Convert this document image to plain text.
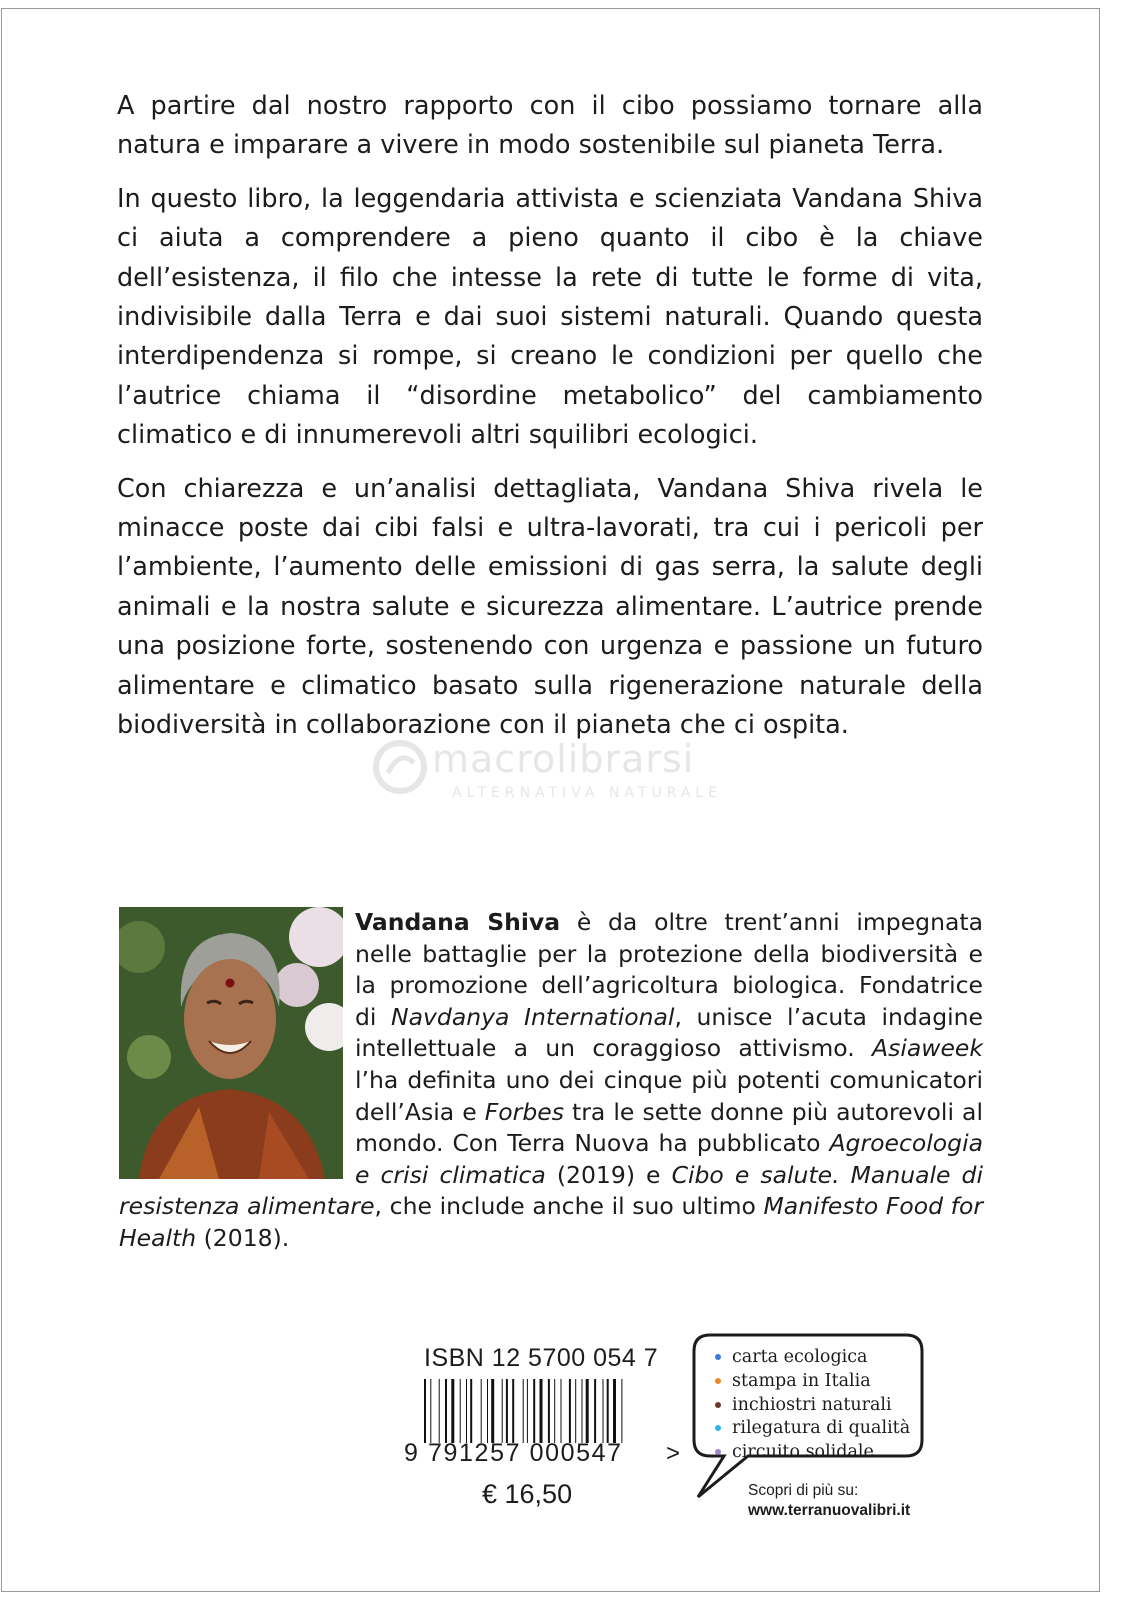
A partire dal nostro rapporto con il cibo possiamo tornare alla natura e imparare a vivere in modo sostenibile sul pianeta Terra.

In questo libro, la leggendaria attivista e scienziata Vandana Shiva ci aiuta a comprendere a pieno quanto il cibo è la chiave dell’esistenza, il filo che intesse la rete di tutte le forme di vita, indivisibile dalla Terra e dai suoi sistemi naturali. Quando questa interdipendenza si rompe, si creano le condizioni per quello che l’autrice chiama il “disordine metabolico” del cambiamento climatico e di innumerevoli altri squilibri ecologici.

Con chiarezza e un’analisi dettagliata, Vandana Shiva rivela le minacce poste dai cibi falsi e ultra-lavorati, tra cui i pericoli per l’ambiente, l’aumento delle emissioni di gas serra, la salute degli animali e la nostra salute e sicurezza alimentare. L’autrice prende una posizione forte, sostenendo con urgenza e passione un futuro alimentare e climatico basato sulla rigenerazione naturale della biodiversità in collaborazione con il pianeta che ci ospita.

macrolibrarsi
ALTERNATIVA NATURALE

Vandana Shiva è da oltre trent’anni impegnata nelle battaglie per la protezione della biodiversità e la promozione dell’agricoltura biologica. Fondatrice di Navdanya International, unisce l’acuta indagine intellettuale a un coraggioso attivismo. Asiaweek l’ha definita uno dei cinque più potenti comunicatori dell’Asia e Forbes tra le sette donne più autorevoli al mondo. Con Terra Nuova ha pubblicato Agroecologia e crisi climatica (2019) e Cibo e salute. Manuale di resistenza alimentare, che include anche il suo ultimo Manifesto Food for Health (2018).

ISBN 12 5700 054 7
9 791257 000547 >
€ 16,50
carta ecologica
stampa in Italia
inchiostri naturali
rilegatura di qualità
circuito solidale
Scopri di più su:
www.terranuovalibri.it
